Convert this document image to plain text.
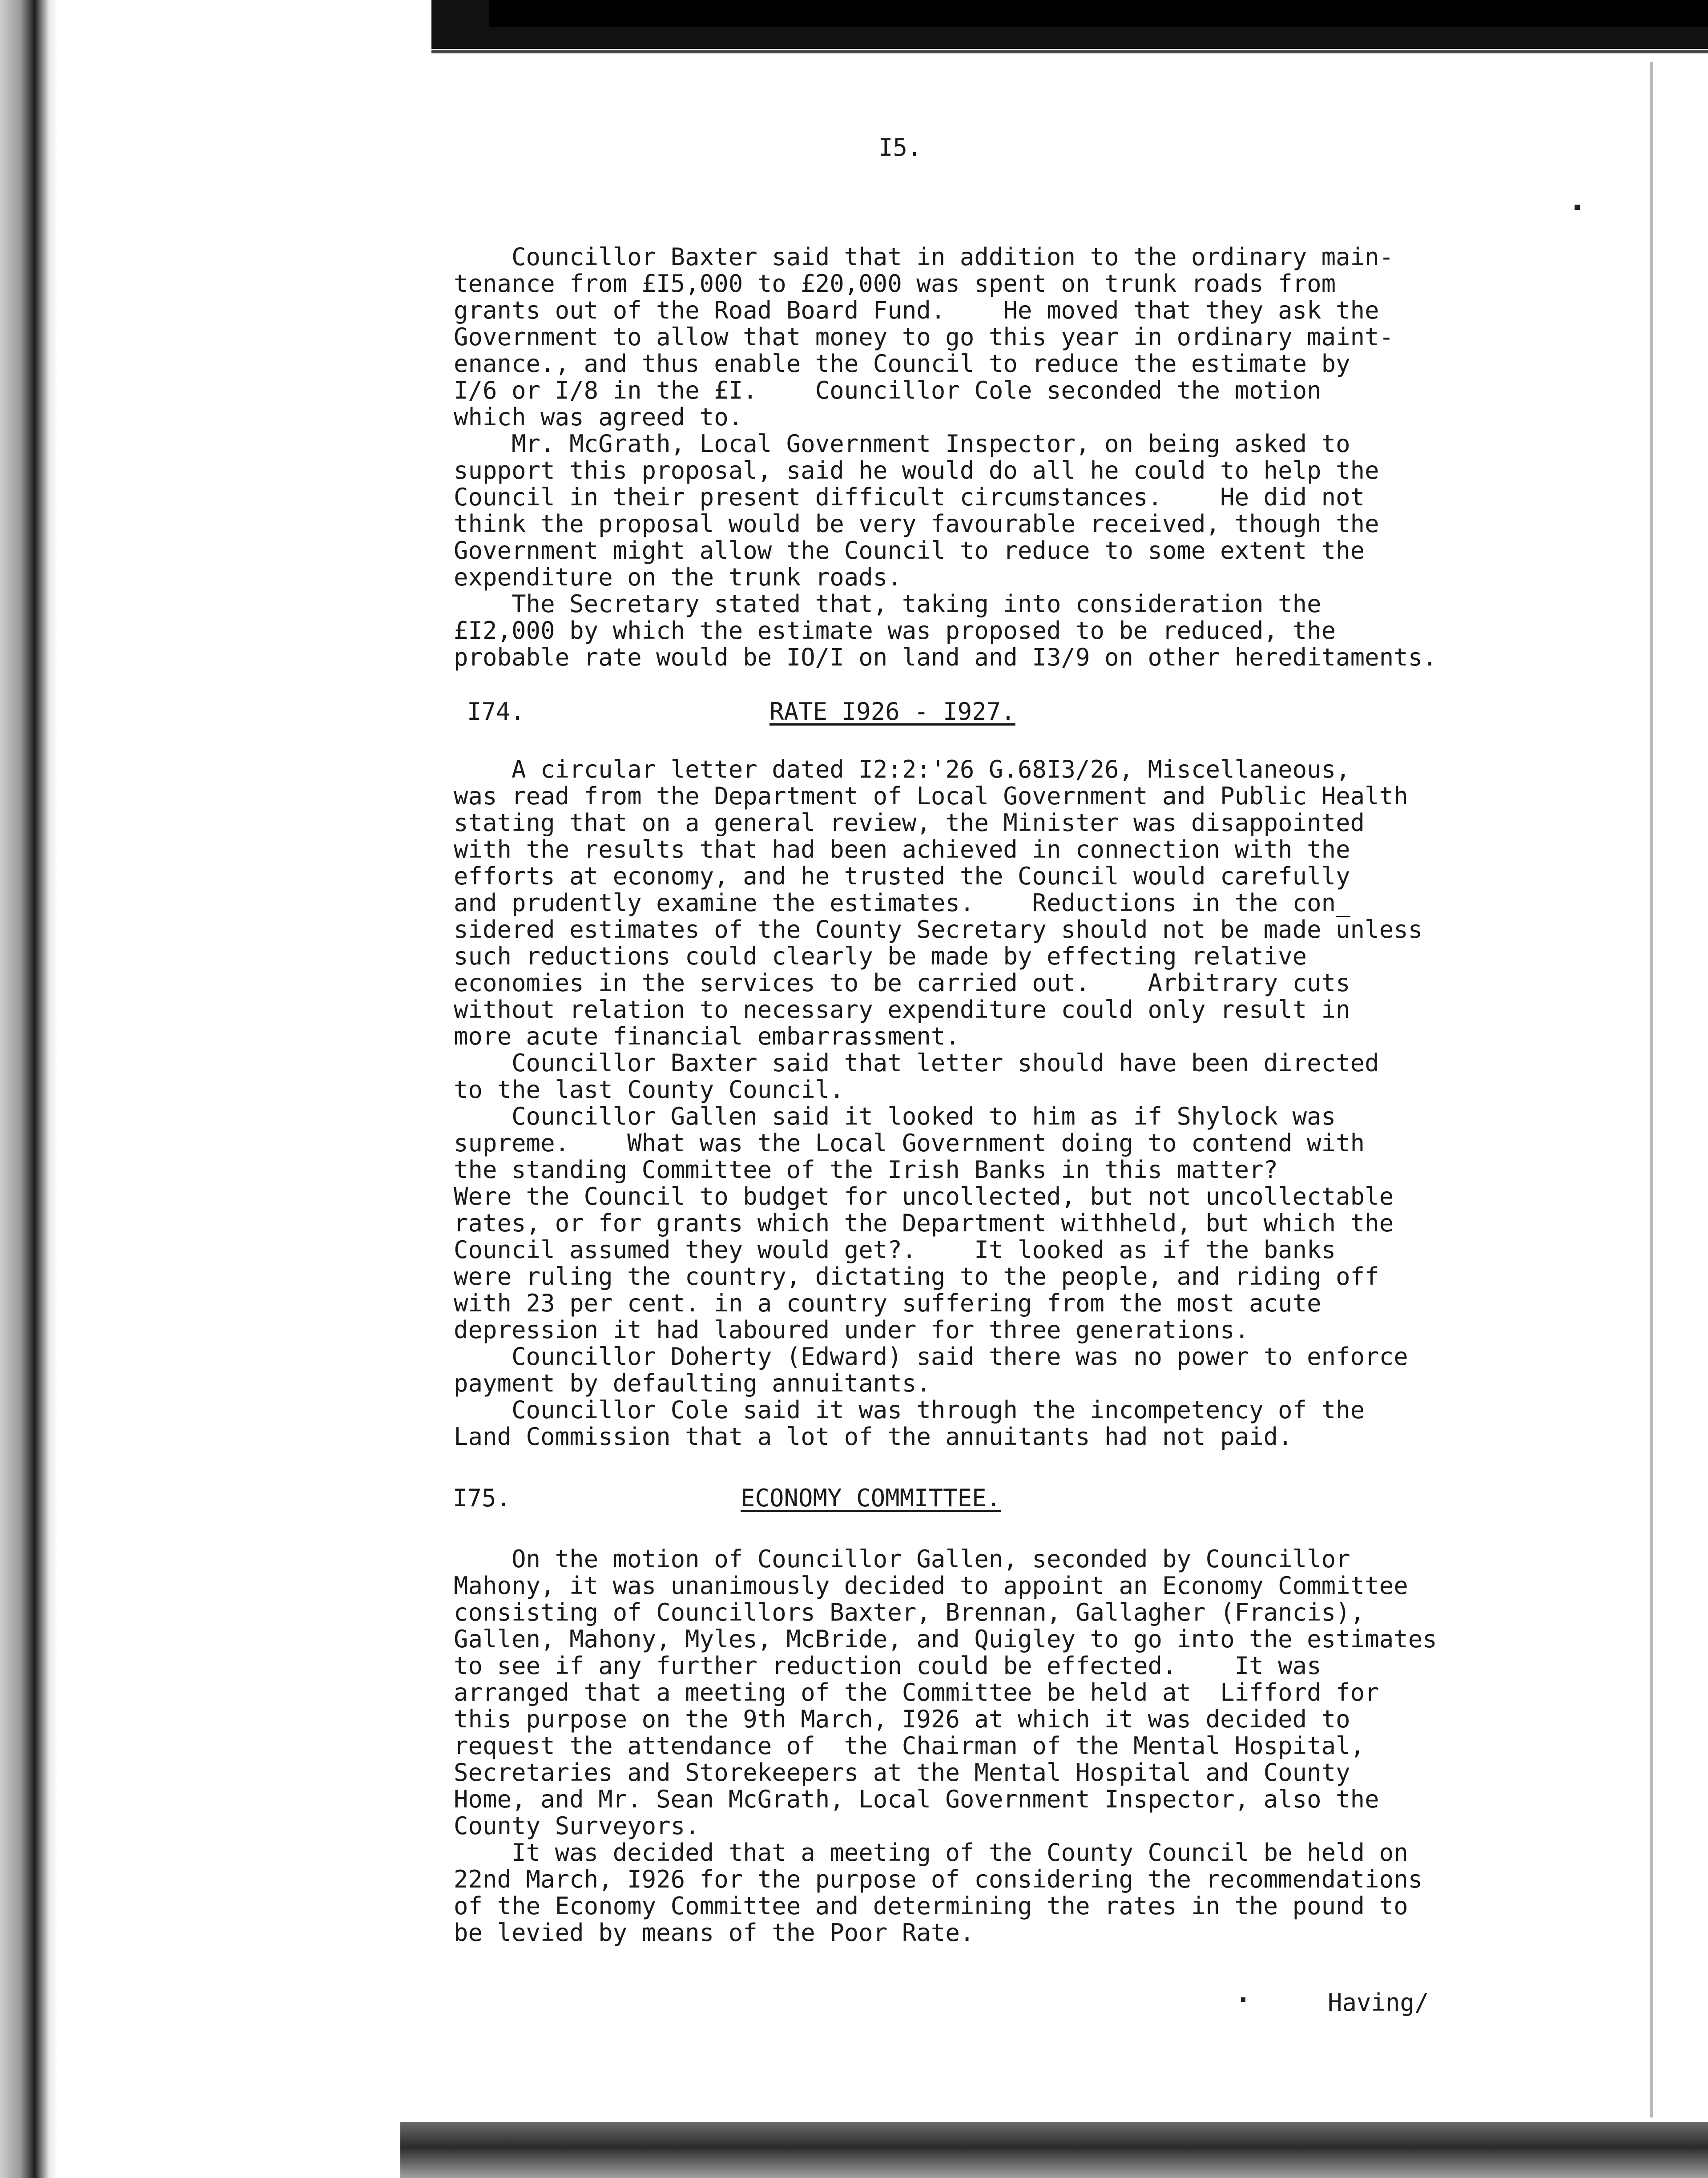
I5.
Councillor Baxter said that in addition to the ordinary main-
tenance from £I5,000 to £20,000 was spent on trunk roads from
grants out of the Road Board Fund.    He moved that they ask the
Government to allow that money to go this year in ordinary maint-
enance., and thus enable the Council to reduce the estimate by
I/6 or I/8 in the £I.    Councillor Cole seconded the motion
which was agreed to.
Mr. McGrath, Local Government Inspector, on being asked to
support this proposal, said he would do all he could to help the
Council in their present difficult circumstances.    He did not
think the proposal would be very favourable received, though the
Government might allow the Council to reduce to some extent the
expenditure on the trunk roads.
The Secretary stated that, taking into consideration the
£I2,000 by which the estimate was proposed to be reduced, the
probable rate would be IO/I on land and I3/9 on other hereditaments.
I74.	RATE I926 - I927.
A circular letter dated I2:2:'26 G.68I3/26, Miscellaneous,
was read from the Department of Local Government and Public Health
stating that on a general review, the Minister was disappointed
with the results that had been achieved in connection with the
efforts at economy, and he trusted the Council would carefully
and prudently examine the estimates.    Reductions in the con_
sidered estimates of the County Secretary should not be made unless
such reductions could clearly be made by effecting relative
economies in the services to be carried out.    Arbitrary cuts
without relation to necessary expenditure could only result in
more acute financial embarrassment.
Councillor Baxter said that letter should have been directed
to the last County Council.
Councillor Gallen said it looked to him as if Shylock was
supreme.    What was the Local Government doing to contend with
the standing Committee of the Irish Banks in this matter?
Were the Council to budget for uncollected, but not uncollectable
rates, or for grants which the Department withheld, but which the
Council assumed they would get?.    It looked as if the banks
were ruling the country, dictating to the people, and riding off
with 23 per cent. in a country suffering from the most acute
depression it had laboured under for three generations.
Councillor Doherty (Edward) said there was no power to enforce
payment by defaulting annuitants.
Councillor Cole said it was through the incompetency of the
Land Commission that a lot of the annuitants had not paid.
I75.	ECONOMY COMMITTEE.
On the motion of Councillor Gallen, seconded by Councillor
Mahony, it was unanimously decided to appoint an Economy Committee
consisting of Councillors Baxter, Brennan, Gallagher (Francis),
Gallen, Mahony, Myles, McBride, and Quigley to go into the estimates
to see if any further reduction could be effected.    It was
arranged that a meeting of the Committee be held at  Lifford for
this purpose on the 9th March, I926 at which it was decided to
request the attendance of  the Chairman of the Mental Hospital,
Secretaries and Storekeepers at the Mental Hospital and County
Home, and Mr. Sean McGrath, Local Government Inspector, also the
County Surveyors.
It was decided that a meeting of the County Council be held on
22nd March, I926 for the purpose of considering the recommendations
of the Economy Committee and determining the rates in the pound to
be levied by means of the Poor Rate.
Having/
